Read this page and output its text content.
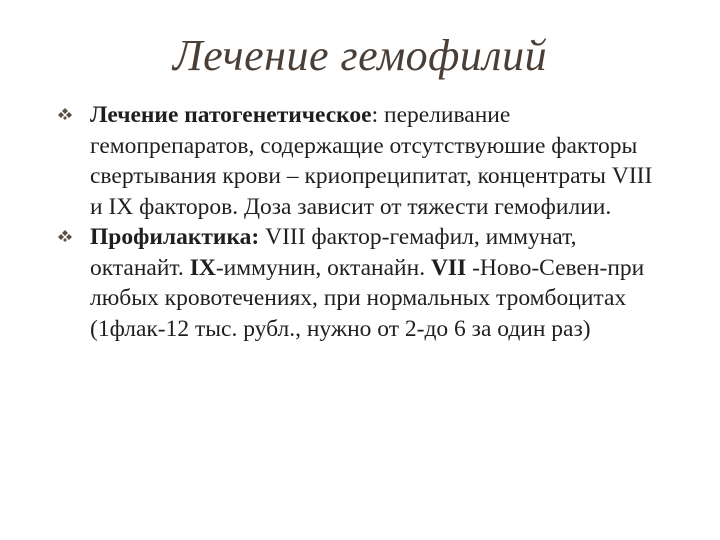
Лечение гемофилий
Лечение патогенетическое: переливание гемопрепаратов, содержащие отсутствуюшие факторы свертывания крови – криопреципитат, концентраты VIII и IX факторов. Доза зависит от тяжести гемофилии.
Профилактика: VIII фактор-гемафил, иммунат, октанайт. IX-иммунин, октанайн. VII -Ново-Севен-при любых кровотечениях, при нормальных тромбоцитах (1флак-12 тыс. рубл., нужно от 2-до 6 за один раз)
